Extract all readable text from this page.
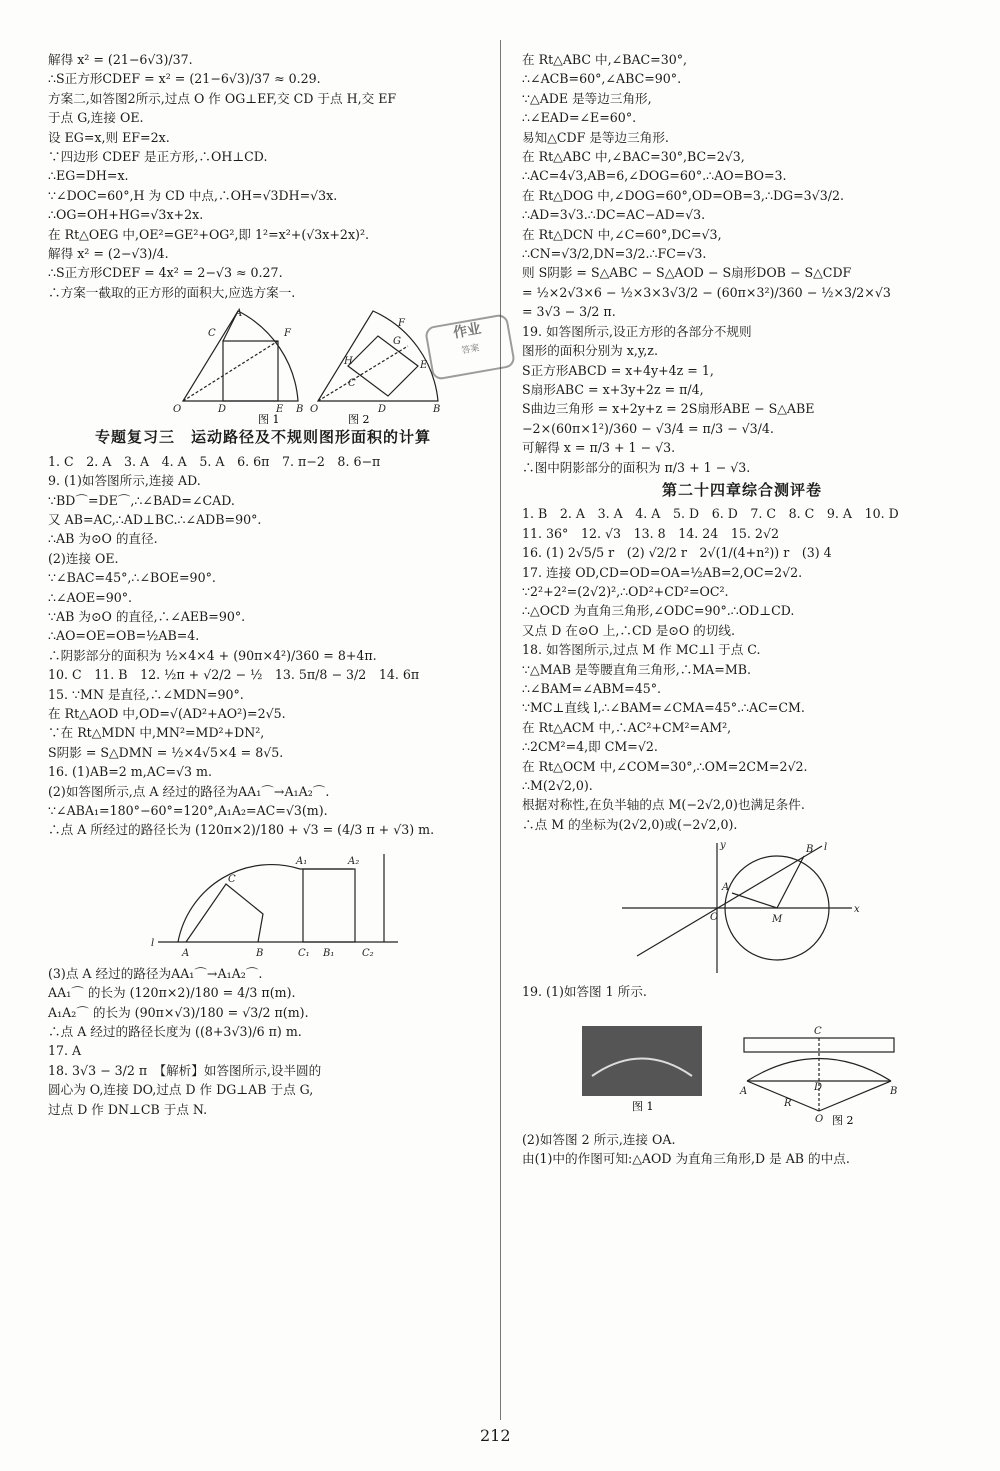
解得 x² = (21−6√3)/37.
∴S正方形CDEF = x² = (21−6√3)/37 ≈ 0.29.
方案二,如答图2所示,过点 O 作 OG⊥EF,交 CD 于点 H,交 EF
于点 G,连接 OE.
设 EG=x,则 EF=2x.
∵四边形 CDEF 是正方形,∴OH⊥CD.
∴EG=DH=x.
∵∠DOC=60°,H 为 CD 中点,∴OH=√3DH=√3x.
∴OG=OH+HG=√3x+2x.
在 Rt△OEG 中,OE²=GE²+OG²,即 1²=x²+(√3x+2x)².
解得 x² = (2−√3)/4.
∴S正方形CDEF = 4x² = 2−√3 ≈ 0.27.
∴方案一截取的正方形的面积大,应选方案一.
O	D	E B
A
C	F
O	D	B
H
C
G
E
F
图 1	图 2
专题复习三　运动路径及不规则图形面积的计算
1. C　2. A　3. A　4. A　5. A　6. 6π　7. π−2　8. 6−π
9. (1)如答图所示,连接 AD.
∵BD⌒=DE⌒,∴∠BAD=∠CAD.
又 AB=AC,∴AD⊥BC.∴∠ADB=90°.
∴AB 为⊙O 的直径.
(2)连接 OE.
∵∠BAC=45°,∴∠BOE=90°.
∴∠AOE=90°.
∵AB 为⊙O 的直径,∴∠AEB=90°.
∴AO=OE=OB=½AB=4.
∴阴影部分的面积为 ½×4×4 + (90π×4²)/360 = 8+4π.
10. C　11. B　12. ½π + √2/2 − ½　13. 5π/8 − 3/2　14. 6π
15. ∵MN 是直径,∴∠MDN=90°.
在 Rt△AOD 中,OD=√(AD²+AO²)=2√5.
∵在 Rt△MDN 中,MN²=MD²+DN²,
S阴影 = S△DMN = ½×4√5×4 = 8√5.
16. (1)AB=2 m,AC=√3 m.
(2)如答图所示,点 A 经过的路径为AA₁⌒→A₁A₂⌒.
∵∠ABA₁=180°−60°=120°,A₁A₂=AC=√3(m).
∴点 A 所经过的路径长为 (120π×2)/180 + √3 = (4/3 π + √3) m.
l
A	B	C₁ B₁	C₂
C
A₁	A₂
(3)点 A 经过的路径为AA₁⌒→A₁A₂⌒.
AA₁⌒ 的长为 (120π×2)/180 = 4/3 π(m).
A₁A₂⌒ 的长为 (90π×√3)/180 = √3/2 π(m).
∴点 A 经过的路径长度为 ((8+3√3)/6 π) m.
17. A
18. 3√3 − 3/2 π　【解析】如答图所示,设半圆的
圆心为 O,连接 DO,过点 D 作 DG⊥AB 于点 G,
过点 D 作 DN⊥CB 于点 N.
作业
答案
在 Rt△ABC 中,∠BAC=30°,
∴∠ACB=60°,∠ABC=90°.
∵△ADE 是等边三角形,
∴∠EAD=∠E=60°.
易知△CDF 是等边三角形.
在 Rt△ABC 中,∠BAC=30°,BC=2√3,
∴AC=4√3,AB=6,∠DOG=60°.∴AO=BO=3.
在 Rt△DOG 中,∠DOG=60°,OD=OB=3,∴DG=3√3/2.
∴AD=3√3.∴DC=AC−AD=√3.
在 Rt△DCN 中,∠C=60°,DC=√3,
∴CN=√3/2,DN=3/2.∴FC=√3.
则 S阴影 = S△ABC − S△AOD − S扇形DOB − S△CDF
= ½×2√3×6 − ½×3×3√3/2 − (60π×3²)/360 − ½×3/2×√3
= 3√3 − 3/2 π.
19. 如答图所示,设正方形的各部分不规则
图形的面积分别为 x,y,z.
S正方形ABCD = x+4y+4z = 1,
S扇形ABC = x+3y+2z = π/4,
S曲边三角形 = x+2y+z = 2S扇形ABE − S△ABE
−2×(60π×1²)/360 − √3/4 = π/3 − √3/4.
可解得 x = π/3 + 1 − √3.
∴图中阴影部分的面积为 π/3 + 1 − √3.
第二十四章综合测评卷
1. B　2. A　3. A　4. A　5. D　6. D　7. C　8. C　9. A　10. D
11. 36°　12. √3　13. 8　14. 24　15. 2√2
16. (1) 2√5/5 r　(2) √2/2 r　2√(1/(4+n²)) r　(3) 4
17. 连接 OD,CD=OD=OA=½AB=2,OC=2√2.
∵2²+2²=(2√2)²,∴OD²+CD²=OC².
∴△OCD 为直角三角形,∠ODC=90°.∴OD⊥CD.
又点 D 在⊙O 上,∴CD 是⊙O 的切线.
18. 如答图所示,过点 M 作 MC⊥l 于点 C.
∵△MAB 是等腰直角三角形,∴MA=MB.
∴∠BAM=∠ABM=45°.
∵MC⊥直线 l,∴∠BAM=∠CMA=45°.∴AC=CM.
在 Rt△ACM 中,∴AC²+CM²=AM²,
∴2CM²=4,即 CM=√2.
在 Rt△OCM 中,∠COM=30°,∴OM=2CM=2√2.
∴M(2√2,0).
根据对称性,在负半轴的点 M(−2√2,0)也满足条件.
∴点 M 的坐标为(2√2,0)或(−2√2,0).
x
y
O	M
A
B l
19. (1)如答图 1 所示.
A	D	B
C
R
O
图 1
图 2
(2)如答图 2 所示,连接 OA.
由(1)中的作图可知:△AOD 为直角三角形,D 是 AB 的中点.
212
